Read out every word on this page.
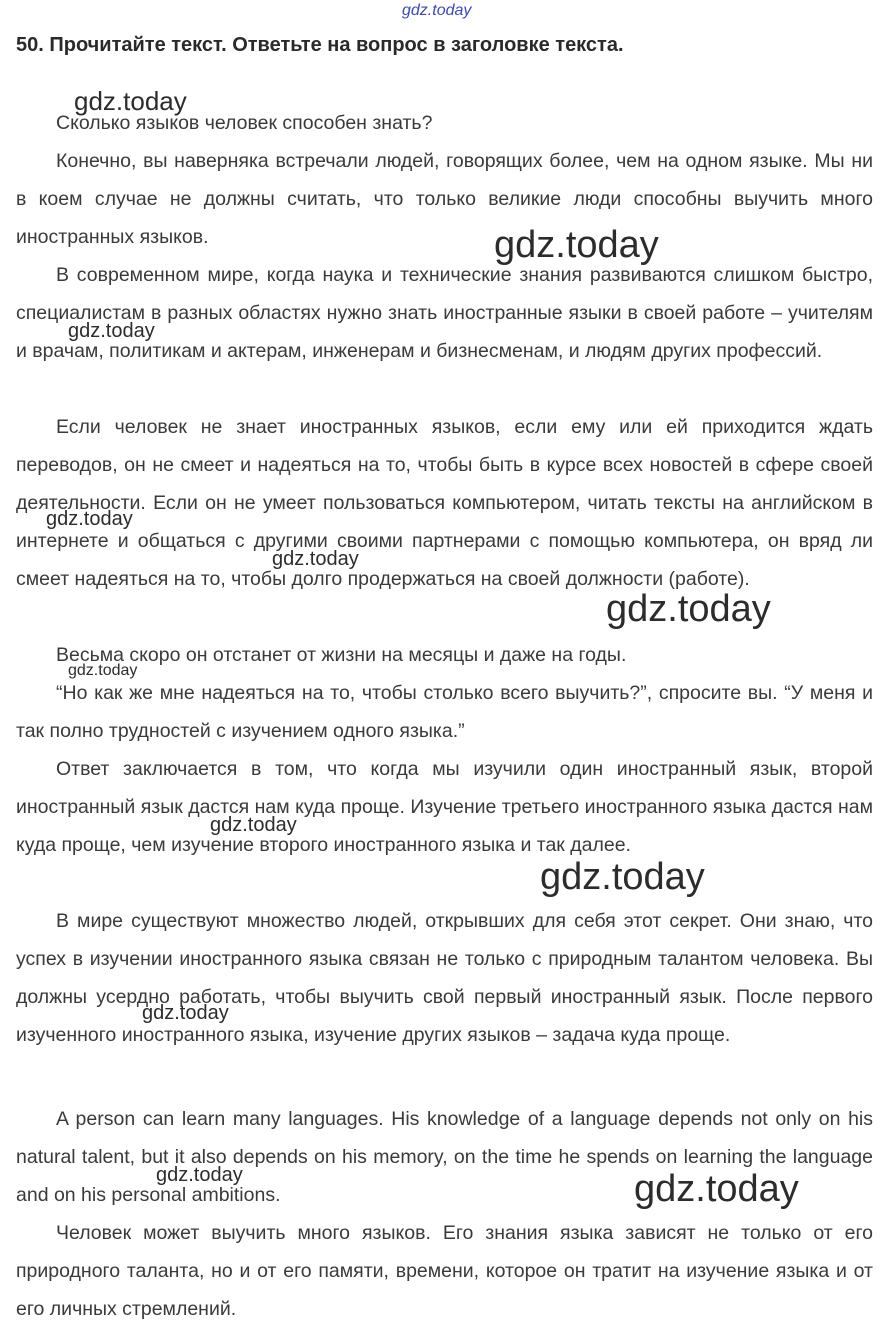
gdz.today
50. Прочитайте текст. Ответьте на вопрос в заголовке текста.
gdz.today
Сколько языков человек способен знать?

Конечно, вы наверняка встречали людей, говорящих более, чем на одном языке. Мы ни в коем случае не должны считать, что только великие люди способны выучить много иностранных языков.	gdz.today

В современном мире, когда наука и технические знания развиваются слишком быстро, специалистам в разных областях нужно знать иностранные языки в своей работе – учителям и врачам, политикам и актерам, инженерам и бизнесменам, и людям других профессий.

gdz.today

Если человек не знает иностранных языков, если ему или ей приходится ждать переводов, он не смеет и надеяться на то, чтобы быть в курсе всех новостей в сфере своей деятельности. Если он не умеет пользоваться компьютером, читать тексты на английском в интернете и общаться с другими своими партнерами с помощью компьютера, он вряд ли смеет надеяться на то, чтобы долго продержаться на своей должности (работе).

gdz.today
gdz.today
gdz.today
Весьма скоро он отстанет от жизни на месяцы и даже на годы.
gdz.today

“Но как же мне надеяться на то, чтобы столько всего выучить?”, спросите вы. “У меня и так полно трудностей с изучением одного языка.”

Ответ заключается в том, что когда мы изучили один иностранный язык, второй иностранный язык дастся нам куда проще. Изучение третьего иностранного языка дастся нам куда проще, чем изучение второго иностранного языка и так далее.

gdz.today
gdz.today

В мире существуют множество людей, открывших для себя этот секрет. Они знаю, что успех в изучении иностранного языка связан не только с природным талантом человека. Вы должны усердно работать, чтобы выучить свой первый иностранный язык. После первого изученного иностранного языка, изучение других языков – задача куда проще.

gdz.today

A person can learn many languages. His knowledge of a language depends not only on his natural talent, but it also depends on his memory, on the time he spends on learning the language and on his personal ambitions.

gdz.today	gdz.today

Человек может выучить много языков. Его знания языка зависят не только от его природного таланта, но и от его памяти, времени, которое он тратит на изучение языка и от его личных стремлений.
